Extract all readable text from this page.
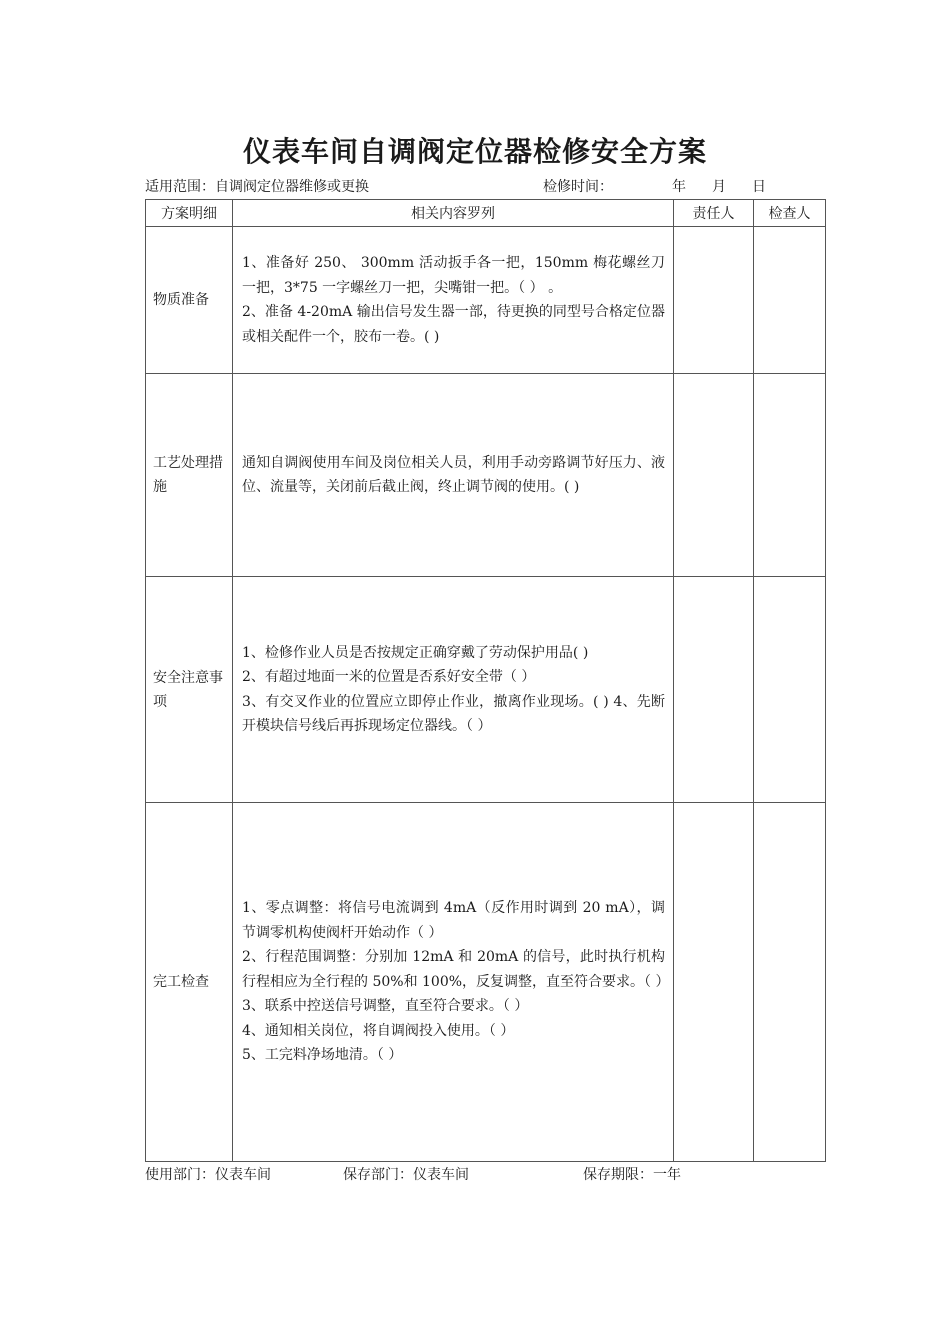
仪表车间自调阀定位器检修安全方案
适用范围：自调阀定位器维修或更换	检修时间：	年 月 日
方案明细	相关内容罗列	责任人	检查人
物质准备	1、准备好 250、 300mm 活动扳手各一把，150mm 梅花螺丝刀一把，3*75 一字螺丝刀一把，尖嘴钳一把。（ ） 。
2、准备 4-20mA 输出信号发生器一部，待更换的同型号合格定位器或相关配件一个，胶布一卷。( )		

工艺处理措施	通知自调阀使用车间及岗位相关人员，利用手动旁路调节好压力、液位、流量等，关闭前后截止阀，终止调节阀的使用。( )		

安全注意事项	1、检修作业人员是否按规定正确穿戴了劳动保护用品( )
2、有超过地面一米的位置是否系好安全带（ ）
3、有交叉作业的位置应立即停止作业，撤离作业现场。( ) 4、先断开模块信号线后再拆现场定位器线。（ ）		

完工检查	1、零点调整：将信号电流调到 4mA（反作用时调到 20 mA），调节调零机构使阀杆开始动作（ ）
2、行程范围调整：分别加 12mA 和 20mA 的信号，此时执行机构行程相应为全行程的 50%和 100%，反复调整，直至符合要求。（ ）
3、联系中控送信号调整，直至符合要求。（ ）
4、通知相关岗位，将自调阀投入使用。（ ）
5、工完料净场地清。（ ）		

使用部门：仪表车间	保存部门：仪表车间	保存期限：一年
